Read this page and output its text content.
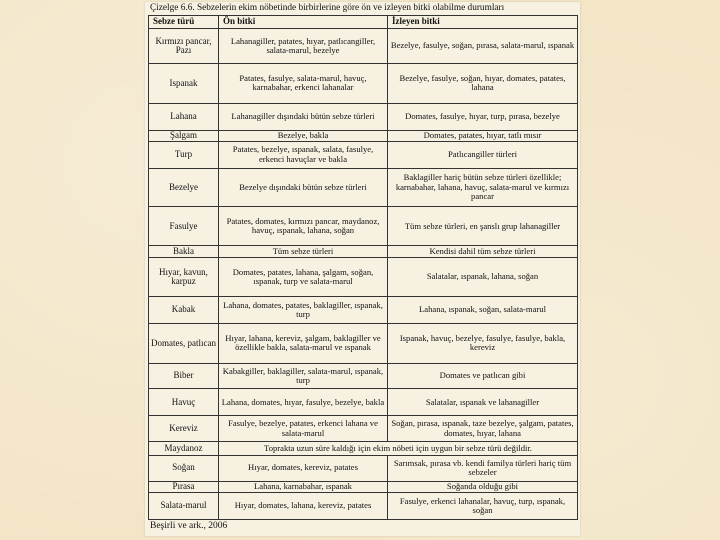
Çizelge 6.6. Sebzelerin ekim nöbetinde birbirlerine göre ön ve izleyen bitki olabilme durumları
Sebze türü	Ön bitki	İzleyen bitki
Kırmızı pancar, Pazı	Lahanagiller, patates, hıyar, patlıcangiller, salata-marul, bezelye	Bezelye, fasulye, soğan, pırasa, salata-marul, ıspanak
Ispanak	Patates, fasulye, salata-marul, havuç, karnabahar, erkenci lahanalar	Bezelye, fasulye, soğan, hıyar, domates, patates, lahana
Lahana	Lahanagiller dışındaki bütün sebze türleri	Domates, fasulye, hıyar, turp, pırasa, bezelye
Şalgam	Bezelye, bakla	Domates, patates, hıyar, tatlı mısır
Turp	Patates, bezelye, ıspanak, salata, fasulye, erkenci havuçlar ve bakla	Patlıcangiller türleri
Bezelye	Bezelye dışındaki bütün sebze türleri	Baklagiller hariç bütün sebze türleri özellikle; karnabahar, lahana, havuç, salata-marul ve kırmızı pancar
Fasulye	Patates, domates, kırmızı pancar, maydanoz, havuç, ıspanak, lahana, soğan	Tüm sebze türleri, en şanslı grup lahanagiller
Bakla	Tüm sebze türleri	Kendisi dahil tüm sebze türleri
Hıyar, kavun, karpuz	Domates, patates, lahana, şalgam, soğan, ıspanak, turp ve salata-marul	Salatalar, ıspanak, lahana, soğan
Kabak	Lahana, domates, patates, baklagiller, ıspanak, turp	Lahana, ıspanak, soğan, salata-marul
Domates, patlıcan	Hıyar, lahana, kereviz, şalgam, baklagiller ve özellikle bakla, salata-marul ve ıspanak	Ispanak, havuç, bezelye, fasulye, fasulye, bakla, kereviz
Biber	Kabakgiller, baklagiller, salata-marul, ıspanak, turp	Domates ve patlıcan gibi
Havuç	Lahana, domates, hıyar, fasulye, bezelye, bakla	Salatalar, ıspanak ve lahanagiller
Kereviz	Fasulye, bezelye, patates, erkenci lahana ve salata-marul	Soğan, pırasa, ıspanak, taze bezelye, şalgam, patates, domates, hıyar, lahana
Maydanoz	Toprakta uzun süre kaldığı için ekim nöbeti için uygun bir sebze türü değildir.	
Soğan	Hıyar, domates, kereviz, patates	Sarımsak, pırasa vb. kendi familya türleri hariç tüm sebzeler
Pırasa	Lahana, karnabahar, ıspanak	Soğanda olduğu gibi
Salata-marul	Hıyar, domates, lahana, kereviz, patates	Fasulye, erkenci lahanalar, havuç, turp, ıspanak, soğan
Beşirli ve ark., 2006
